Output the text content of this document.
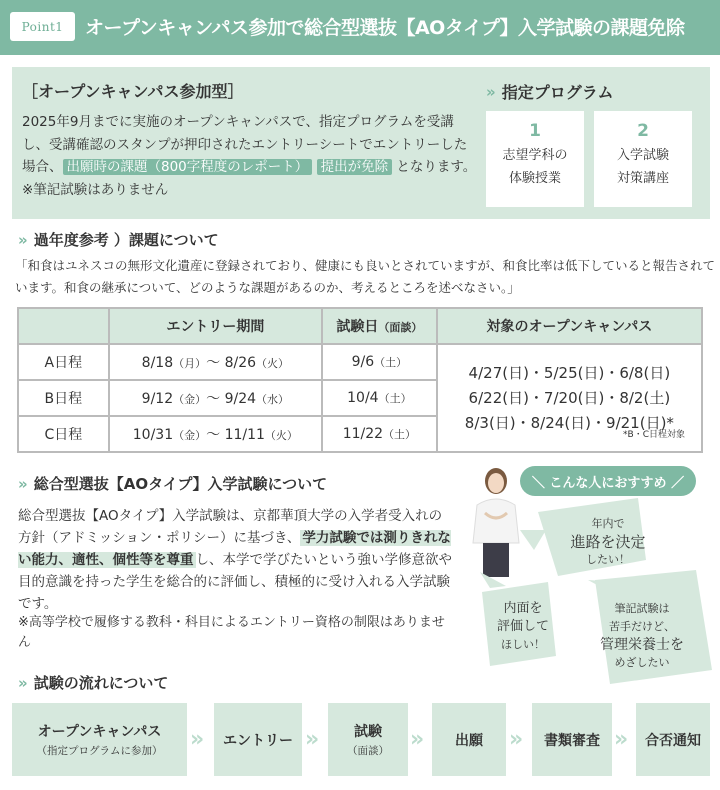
Point1	オープンキャンパス参加で総合型選抜【AOタイプ】入学試験の課題免除
［オープンキャンパス参加型］
2025年9月までに実施のオープンキャンパスで、指定プログラムを受講し、受講確認のスタンプが押印されたエントリーシートでエントリーした場合、 出願時の課題（800字程度のレポート） 提出が免除 となります。※筆記試験はありません
» 指定プログラム
1
志望学科の
体験授業
2
入学試験
対策講座
» 過年度参考 ）課題について
「和食はユネスコの無形文化遺産に登録されており、健康にも良いとされていますが、和食比率は低下していると報告されています。和食の継承について、どのような課題があるのか、考えるところを述べなさい。」
	エントリー期間	試験日（面談）	対象のオープンキャンパス
A日程	8/18（月）〜 8/26（火）	9/6（土）	4/27(日)・5/25(日)・6/8(日)
6/22(日)・7/20(日)・8/2(土)
8/3(日)・8/24(日)・9/21(日)*
*B・C日程対象

B日程	9/12（金）〜 9/24（水）	10/4（土）	
C日程	10/31（金）〜 11/11（火）	11/22（土）	
» 総合型選抜【AOタイプ】入学試験について
総合型選抜【AOタイプ】入学試験は、京都華頂大学の入学者受入れの方針（アドミッション・ポリシー）に基づき、 学力試験では測りきれない能力、適性、個性等を尊重 し、本学で学びたいという強い学修意欲や目的意識を持った学生を総合的に評価し、積極的に受け入れる入学試験です。
※高等学校で履修する教科・科目によるエントリー資格の制限はありません
＼ こんな人におすすめ ／
年内で
進路を決定
したい！
内面を
評価して
ほしい！
筆記試験は
苦手だけど、
管理栄養士を
めざしたい
» 試験の流れについて
オープンキャンパス
（指定プログラムに参加） » エントリー »	試験
（面談） »	出願 » 書類審査 » 合否通知
